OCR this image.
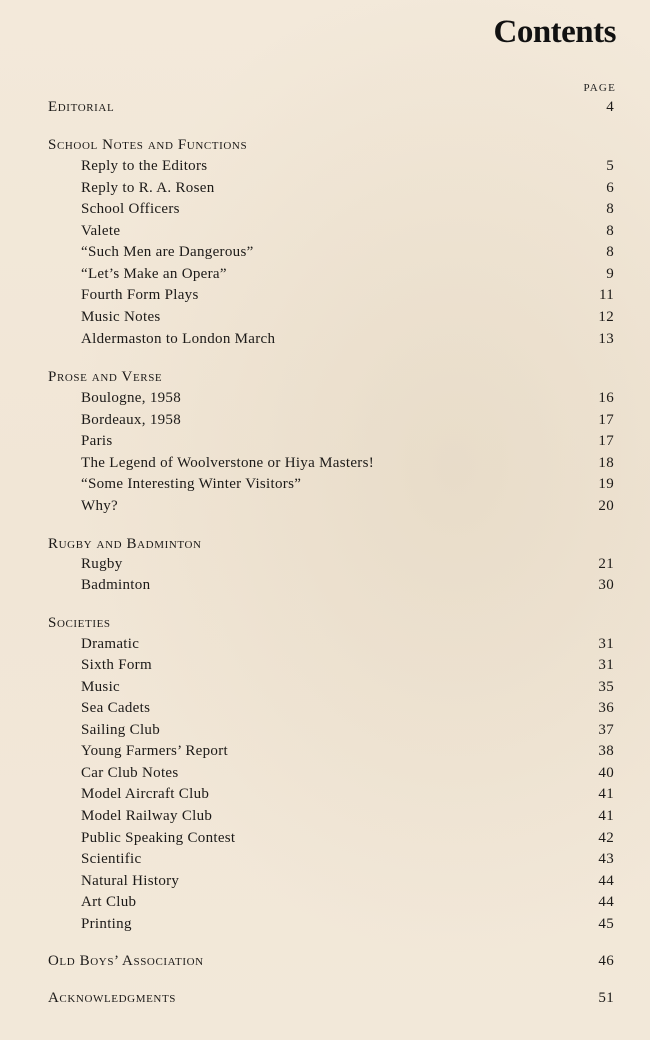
Contents
PAGE
Editorial	4
School Notes and Functions
Reply to the Editors	5
Reply to R. A. Rosen	6
School Officers	8
Valete	8
“Such Men are Dangerous”	8
“Let’s Make an Opera”	9
Fourth Form Plays	11
Music Notes	12
Aldermaston to London March	13
Prose and Verse
Boulogne, 1958	16
Bordeaux, 1958	17
Paris	17
The Legend of Woolverstone or Hiya Masters!	18
“Some Interesting Winter Visitors”	19
Why?	20
Rugby and Badminton
Rugby	21
Badminton	30
Societies
Dramatic	31
Sixth Form	31
Music	35
Sea Cadets	36
Sailing Club	37
Young Farmers’ Report	38
Car Club Notes	40
Model Aircraft Club	41
Model Railway Club	41
Public Speaking Contest	42
Scientific	43
Natural History	44
Art Club	44
Printing	45
Old Boys’ Association	46
Acknowledgments	51
